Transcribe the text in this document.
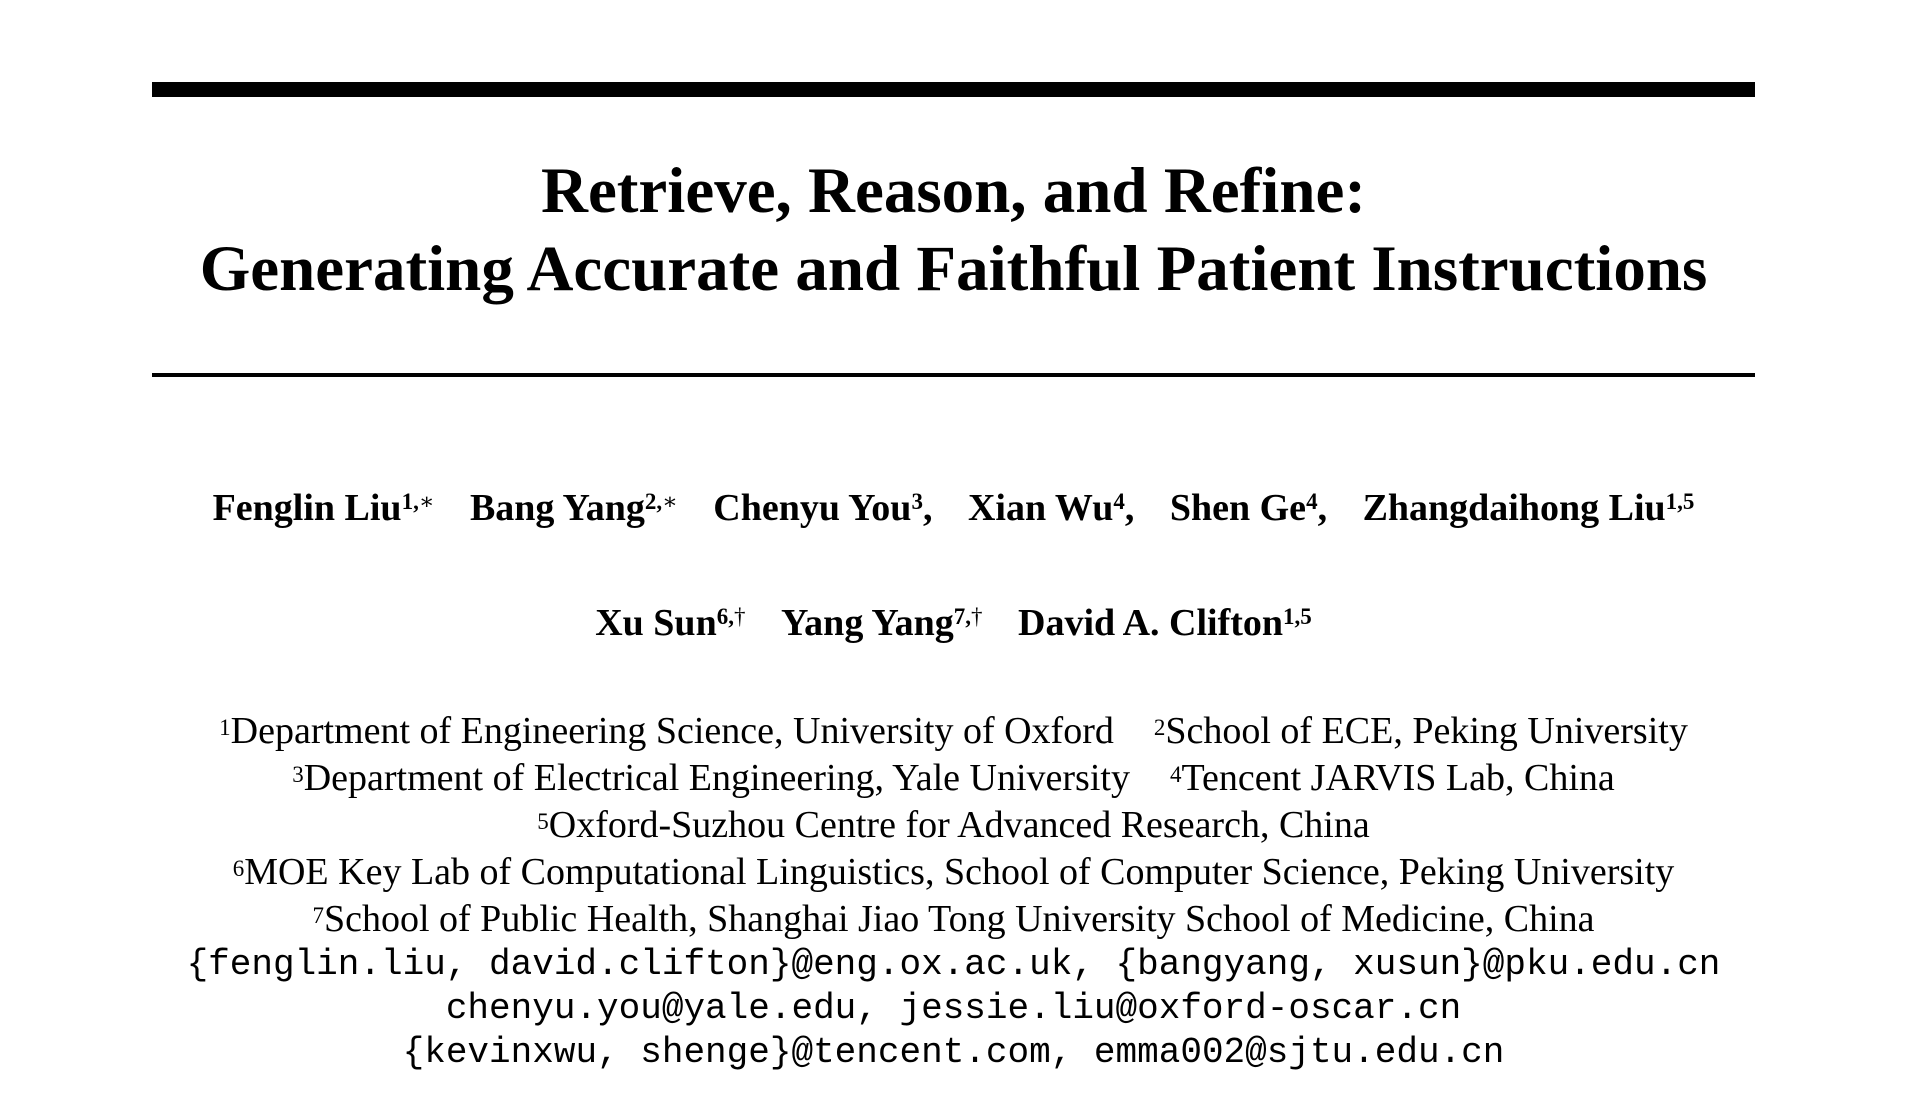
Retrieve, Reason, and Refine:
Generating Accurate and Faithful Patient Instructions
Fenglin Liu$^{1,∗}$ Bang Yang$^{2,∗}$ Chenyu You$^3$, Xian Wu$^4$, Shen Ge$^4$, Zhangdaihong Liu$^{1,5}$
Xu Sun$^{6,\dagger}$ Yang Yang$^{7,\dagger}$ David A. Clifton$^{1,5}$
$^1$Department of Engineering Science, University of Oxford $^2$School of ECE, Peking University
$^3$Department of Electrical Engineering, Yale University $^4$Tencent JARVIS Lab, China
$^5$Oxford-Suzhou Centre for Advanced Research, China
$^6$MOE Key Lab of Computational Linguistics, School of Computer Science, Peking University
$^7$School of Public Health, Shanghai Jiao Tong University School of Medicine, China
{fenglin.liu, david.clifton}@eng.ox.ac.uk, {bangyang, xusun}@pku.edu.cn
chenyu.you@yale.edu, jessie.liu@oxford-oscar.cn
{kevinxwu, shenge}@tencent.com, emma002@sjtu.edu.cn
